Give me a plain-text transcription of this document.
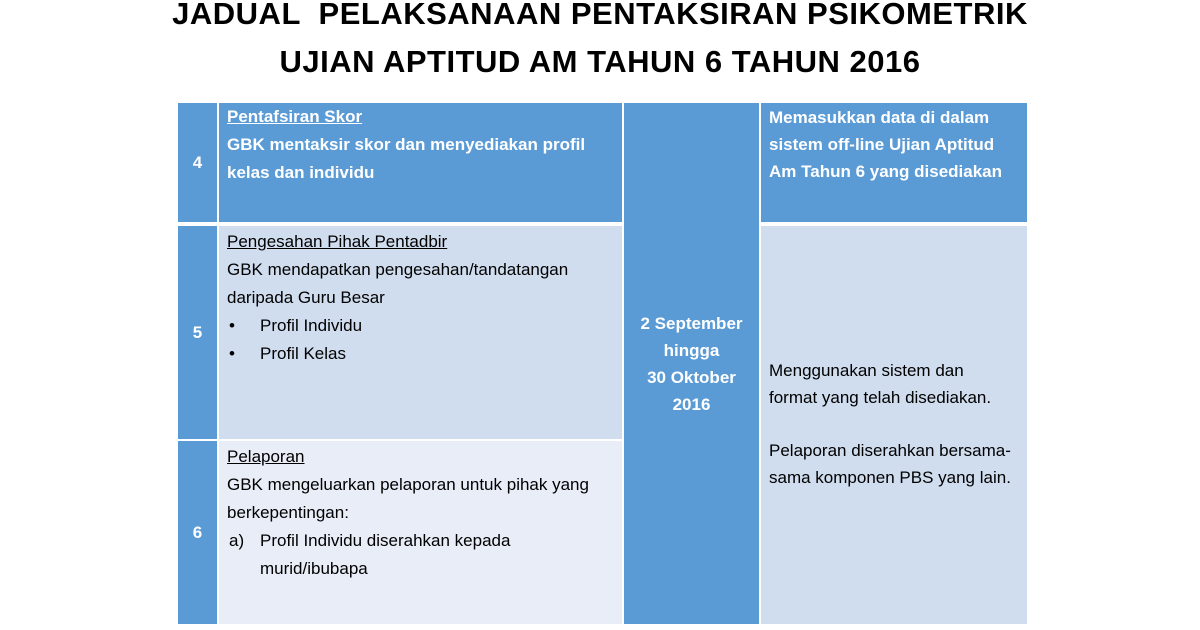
JADUAL  PELAKSANAAN PENTAKSIRAN PSIKOMETRIK
UJIAN APTITUD AM TAHUN 6 TAHUN 2016
4
Pentafsiran Skor
GBK mentaksir skor dan menyediakan profil
kelas dan individu
5
Pengesahan Pihak Pentadbir
GBK mendapatkan pengesahan/tandatangan
daripada Guru Besar
• Profil Individu
• Profil Kelas
6
Pelaporan
GBK mengeluarkan pelaporan untuk pihak yang
berkepentingan:
a) Profil Individu diserahkan kepada
murid/ibubapa
2 September
hingga
30 Oktober
2016
Memasukkan data di dalam
sistem off-line Ujian Aptitud
Am Tahun 6 yang disediakan
Menggunakan sistem dan
format yang telah disediakan.
Pelaporan diserahkan bersama-
sama komponen PBS yang lain.
